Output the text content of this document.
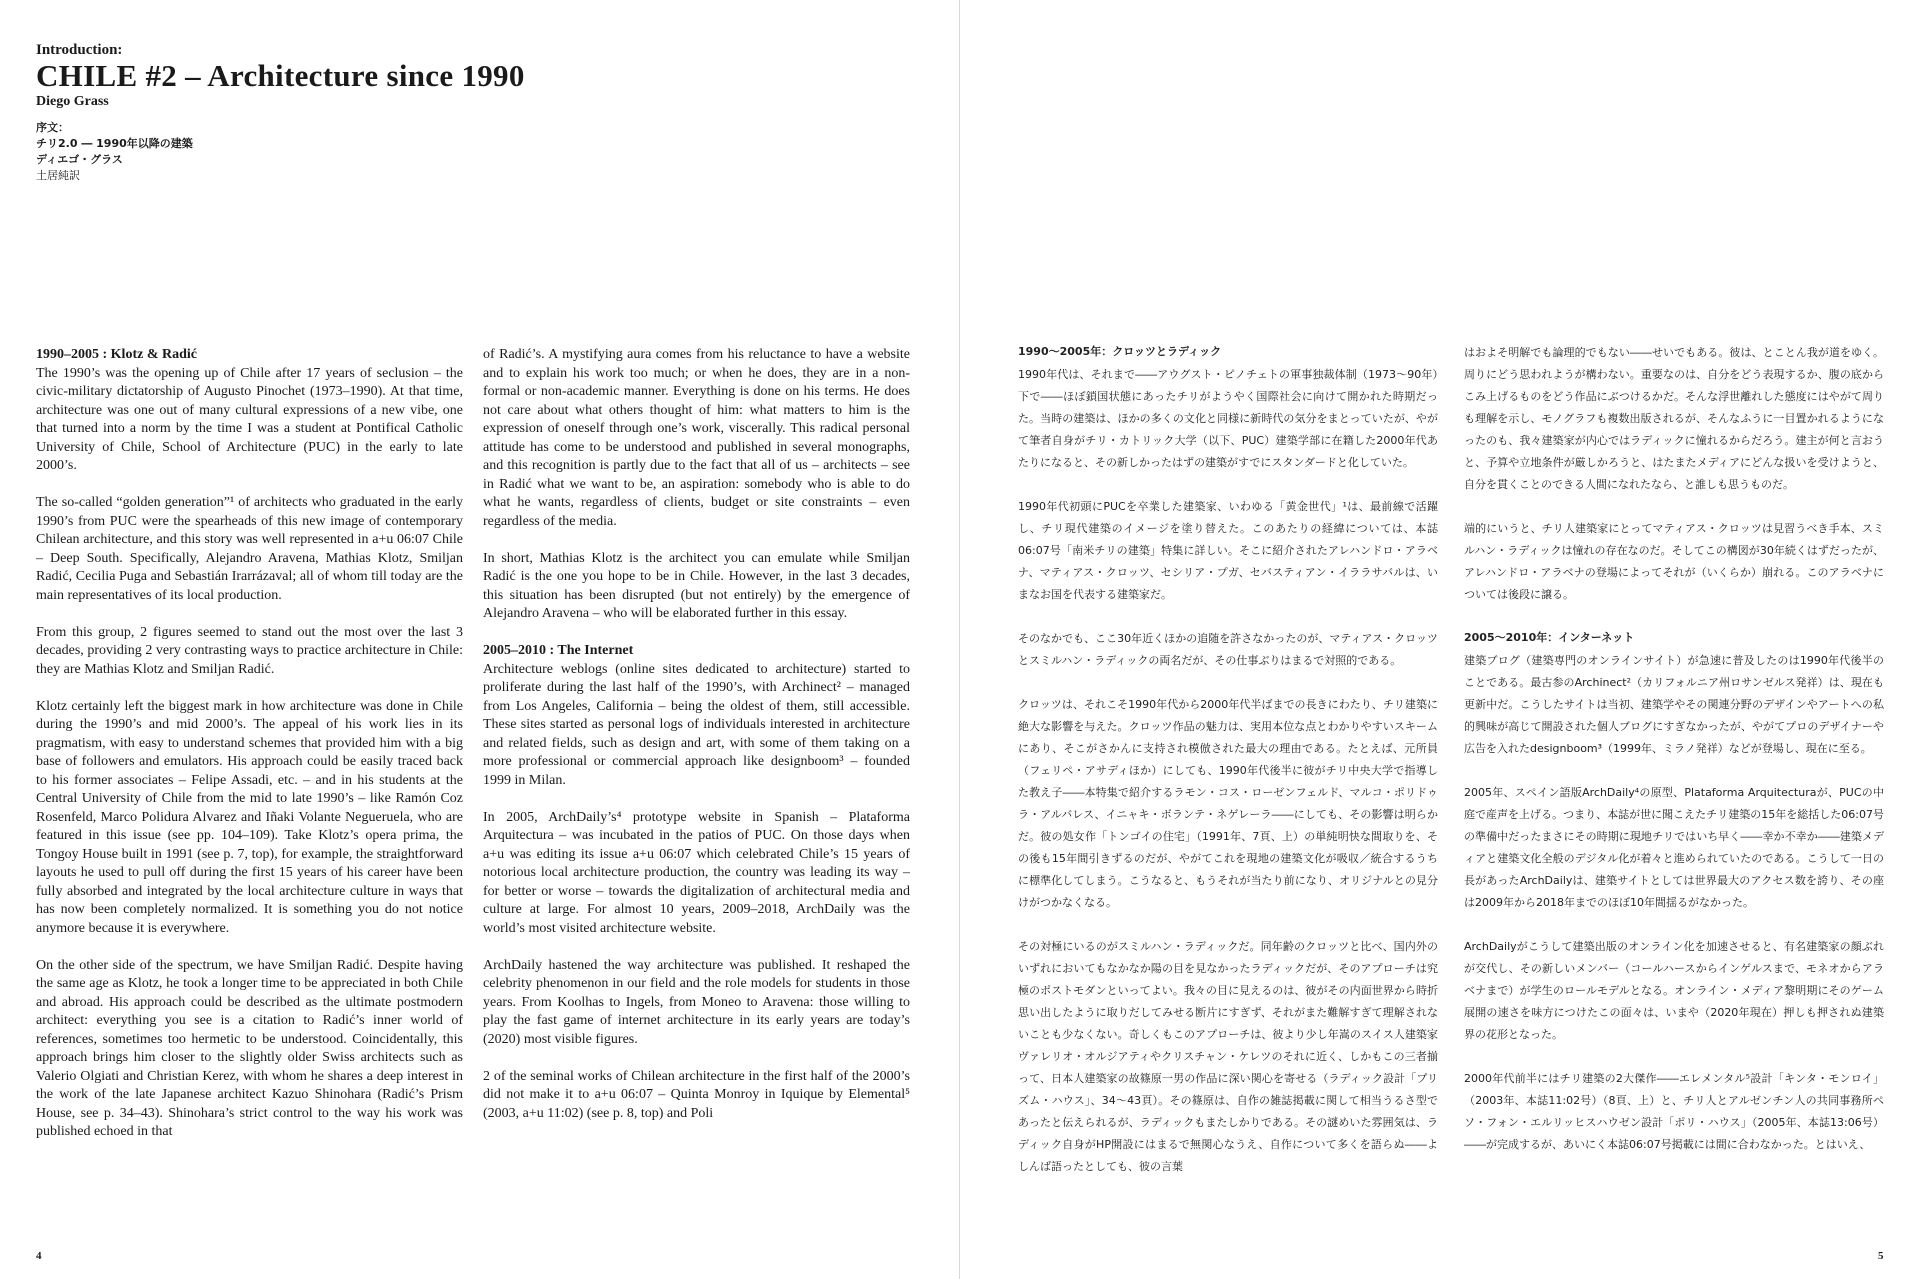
Introduction:
CHILE #2 – Architecture since 1990
Diego Grass
序文：
チリ2.0 ― 1990年以降の建築
ディエゴ・グラス
土居純訳
1990–2005 : Klotz & Radić

The 1990’s was the opening up of Chile after 17 years of seclusion – the civic-military dictatorship of Augusto Pinochet (1973–1990). At that time, architecture was one out of many cultural expressions of a new vibe, one that turned into a norm by the time I was a student at Pontifical Catholic University of Chile, School of Architecture (PUC) in the early to late 2000’s.

The so-called “golden generation”¹ of architects who graduated in the early 1990’s from PUC were the spearheads of this new image of contemporary Chilean architecture, and this story was well represented in a+u 06:07 Chile – Deep South. Specifically, Alejandro Aravena, Mathias Klotz, Smiljan Radić, Cecilia Puga and Sebastián Irarrázaval; all of whom till today are the main representatives of its local production.

From this group, 2 figures seemed to stand out the most over the last 3 decades, providing 2 very contrasting ways to practice architecture in Chile: they are Mathias Klotz and Smiljan Radić.

Klotz certainly left the biggest mark in how architecture was done in Chile during the 1990’s and mid 2000’s. The appeal of his work lies in its pragmatism, with easy to understand schemes that provided him with a big base of followers and emulators. His approach could be easily traced back to his former associates – Felipe Assadi, etc. – and in his students at the Central University of Chile from the mid to late 1990’s – like Ramón Coz Rosenfeld, Marco Polidura Alvarez and Iñaki Volante Negueruela, who are featured in this issue (see pp. 104–109). Take Klotz’s opera prima, the Tongoy House built in 1991 (see p. 7, top), for example, the straightforward layouts he used to pull off during the first 15 years of his career have been fully absorbed and integrated by the local architecture culture in ways that has now been completely normalized. It is something you do not notice anymore because it is everywhere.

On the other side of the spectrum, we have Smiljan Radić. Despite having the same age as Klotz, he took a longer time to be appreciated in both Chile and abroad. His approach could be described as the ultimate postmodern architect: everything you see is a citation to Radić’s inner world of references, sometimes too hermetic to be understood. Coincidentally, this approach brings him closer to the slightly older Swiss architects such as Valerio Olgiati and Christian Kerez, with whom he shares a deep interest in the work of the late Japanese architect Kazuo Shinohara (Radić’s Prism House, see p. 34–43). Shinohara’s strict control to the way his work was published echoed in that

of Radić’s. A mystifying aura comes from his reluctance to have a website and to explain his work too much; or when he does, they are in a non-formal or non-academic manner. Everything is done on his terms. He does not care about what others thought of him: what matters to him is the expression of oneself through one’s work, viscerally. This radical personal attitude has come to be understood and published in several monographs, and this recognition is partly due to the fact that all of us – architects – see in Radić what we want to be, an aspiration: somebody who is able to do what he wants, regardless of clients, budget or site constraints – even regardless of the media.

In short, Mathias Klotz is the architect you can emulate while Smiljan Radić is the one you hope to be in Chile. However, in the last 3 decades, this situation has been disrupted (but not entirely) by the emergence of Alejandro Aravena – who will be elaborated further in this essay.

2005–2010 : The Internet

Architecture weblogs (online sites dedicated to architecture) started to proliferate during the last half of the 1990’s, with Archinect² – managed from Los Angeles, California – being the oldest of them, still accessible. These sites started as personal logs of individuals interested in architecture and related fields, such as design and art, with some of them taking on a more professional or commercial approach like designboom³ – founded 1999 in Milan.

In 2005, ArchDaily’s⁴ prototype website in Spanish – Plataforma Arquitectura – was incubated in the patios of PUC. On those days when a+u was editing its issue a+u 06:07 which celebrated Chile’s 15 years of notorious local architecture production, the country was leading its way – for better or worse – towards the digitalization of architectural media and culture at large. For almost 10 years, 2009–2018, ArchDaily was the world’s most visited architecture website.

ArchDaily hastened the way architecture was published. It reshaped the celebrity phenomenon in our field and the role models for students in those years. From Koolhas to Ingels, from Moneo to Aravena: those willing to play the fast game of internet architecture in its early years are today’s (2020) most visible figures.

2 of the seminal works of Chilean architecture in the first half of the 2000’s did not make it to a+u 06:07 – Quinta Monroy in Iquique by Elemental⁵ (2003, a+u 11:02) (see p. 8, top) and Poli

4
1990～2005年：クロッツとラディック

1990年代は、それまで――アウグスト・ピノチェトの軍事独裁体制（1973～90年）下で――ほぼ鎖国状態にあったチリがようやく国際社会に向けて開かれた時期だった。当時の建築は、ほかの多くの文化と同様に新時代の気分をまとっていたが、やがて筆者自身がチリ・カトリック大学（以下、PUC）建築学部に在籍した2000年代あたりになると、その新しかったはずの建築がすでにスタンダードと化していた。

1990年代初頭にPUCを卒業した建築家、いわゆる「黄金世代」¹は、最前線で活躍し、チリ現代建築のイメージを塗り替えた。このあたりの経緯については、本誌06:07号「南米チリの建築」特集に詳しい。そこに紹介されたアレハンドロ・アラベナ、マティアス・クロッツ、セシリア・プガ、セバスティアン・イララサバルは、いまなお国を代表する建築家だ。

そのなかでも、ここ30年近くほかの追随を許さなかったのが、マティアス・クロッツとスミルハン・ラディックの両名だが、その仕事ぶりはまるで対照的である。

クロッツは、それこそ1990年代から2000年代半ばまでの長きにわたり、チリ建築に絶大な影響を与えた。クロッツ作品の魅力は、実用本位な点とわかりやすいスキームにあり、そこがさかんに支持され模倣された最大の理由である。たとえば、元所員（フェリペ・アサディほか）にしても、1990年代後半に彼がチリ中央大学で指導した教え子――本特集で紹介するラモン・コス・ローゼンフェルド、マルコ・ポリドゥラ・アルバレス、イニャキ・ボランテ・ネゲレーラ――にしても、その影響は明らかだ。彼の処女作「トンゴイの住宅」（1991年、7頁、上）の単純明快な間取りを、その後も15年間引きずるのだが、やがてこれを現地の建築文化が吸収／統合するうちに標準化してしまう。こうなると、もうそれが当たり前になり、オリジナルとの見分けがつかなくなる。

その対極にいるのがスミルハン・ラディックだ。同年齢のクロッツと比べ、国内外のいずれにおいてもなかなか陽の目を見なかったラディックだが、そのアプローチは究極のポストモダンといってよい。我々の目に見えるのは、彼がその内面世界から時折思い出したように取りだしてみせる断片にすぎず、それがまた難解すぎて理解されないことも少なくない。奇しくもこのアプローチは、彼より少し年嵩のスイス人建築家ヴァレリオ・オルジアティやクリスチャン・ケレツのそれに近く、しかもこの三者揃って、日本人建築家の故篠原一男の作品に深い関心を寄せる（ラディック設計「プリズム・ハウス」、34～43頁）。その篠原は、自作の雑誌掲載に関して相当うるさ型であったと伝えられるが、ラディックもまたしかりである。その謎めいた雰囲気は、ラディック自身がHP開設にはまるで無関心なうえ、自作について多くを語らぬ――よしんば語ったとしても、彼の言葉

はおよそ明解でも論理的でもない――せいでもある。彼は、とことん我が道をゆく。周りにどう思われようが構わない。重要なのは、自分をどう表現するか、腹の底からこみ上げるものをどう作品にぶつけるかだ。そんな浮世離れした態度にはやがて周りも理解を示し、モノグラフも複数出版されるが、そんなふうに一目置かれるようになったのも、我々建築家が内心ではラディックに憧れるからだろう。建主が何と言おうと、予算や立地条件が厳しかろうと、はたまたメディアにどんな扱いを受けようと、自分を貫くことのできる人間になれたなら、と誰しも思うものだ。

端的にいうと、チリ人建築家にとってマティアス・クロッツは見習うべき手本、スミルハン・ラディックは憧れの存在なのだ。そしてこの構図が30年続くはずだったが、アレハンドロ・アラベナの登場によってそれが（いくらか）崩れる。このアラベナについては後段に譲る。

2005～2010年：インターネット

建築ブログ（建築専門のオンラインサイト）が急速に普及したのは1990年代後半のことである。最古参のArchinect²（カリフォルニア州ロサンゼルス発祥）は、現在も更新中だ。こうしたサイトは当初、建築学やその関連分野のデザインやアートへの私的興味が高じて開設された個人ブログにすぎなかったが、やがてプロのデザイナーや広告を入れたdesignboom³（1999年、ミラノ発祥）などが登場し、現在に至る。

2005年、スペイン語版ArchDaily⁴の原型、Plataforma Arquitecturaが、PUCの中庭で産声を上げる。つまり、本誌が世に聞こえたチリ建築の15年を総括した06:07号の準備中だったまさにその時期に現地チリではいち早く――幸か不幸か――建築メディアと建築文化全般のデジタル化が着々と進められていたのである。こうして一日の長があったArchDailyは、建築サイトとしては世界最大のアクセス数を誇り、その座は2009年から2018年までのほぼ10年間揺るがなかった。

ArchDailyがこうして建築出版のオンライン化を加速させると、有名建築家の顔ぶれが交代し、その新しいメンバー（コールハースからインゲルスまで、モネオからアラベナまで）が学生のロールモデルとなる。オンライン・メディア黎明期にそのゲーム展開の速さを味方につけたこの面々は、いまや（2020年現在）押しも押されぬ建築界の花形となった。

2000年代前半にはチリ建築の2大傑作――エレメンタル⁵設計「キンタ・モンロイ」（2003年、本誌11:02号）（8頁、上）と、チリ人とアルゼンチン人の共同事務所ペソ・フォン・エルリッヒスハウゼン設計「ポリ・ハウス」（2005年、本誌13:06号）――が完成するが、あいにく本誌06:07号掲載には間に合わなかった。とはいえ、

5
